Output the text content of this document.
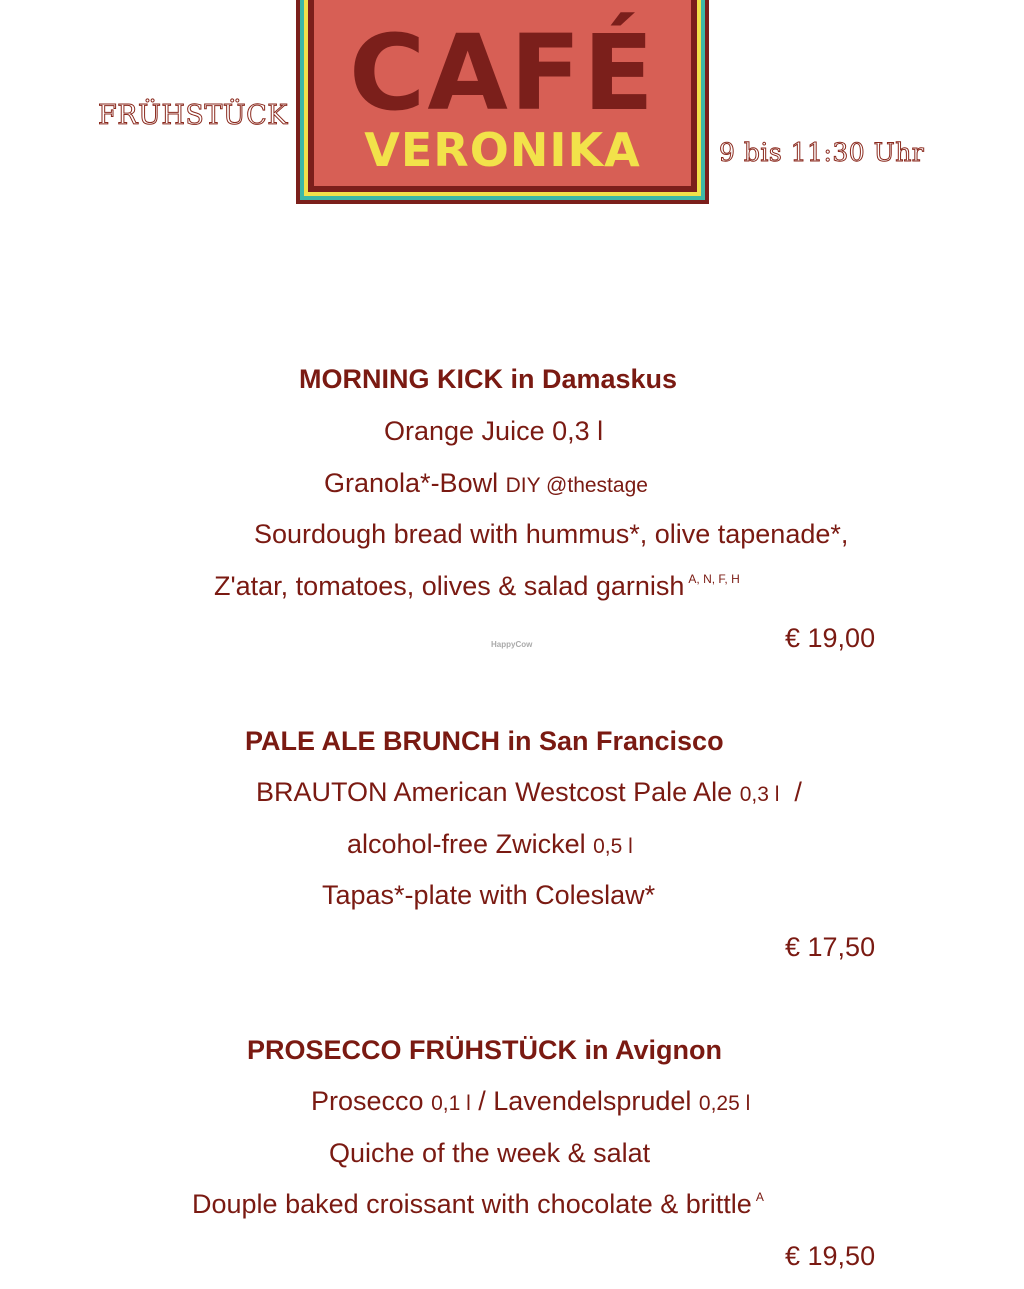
FRÜHSTÜCK CAFÉ
VERONIKA	9 bis 11:30 Uhr
MORNING KICK in Damaskus
Orange Juice 0,3 l
Granola*-Bowl DIY @thestage
Sourdough bread with hummus*, olive tapenade*,
Z'atar, tomatoes, olives & salad garnish $^{A, N, F, H}$
HappyCow	€ 19,00
PALE ALE BRUNCH in San Francisco
BRAUTON American Westcost Pale Ale 0,3 l  /
alcohol-free Zwickel 0,5 l
Tapas*-plate with Coleslaw*
€ 17,50
PROSECCO FRÜHSTÜCK in Avignon
Prosecco 0,1 l / Lavendelsprudel 0,25 l
Quiche of the week & salat
Douple baked croissant with chocolate & brittle $^A$
€ 19,50
